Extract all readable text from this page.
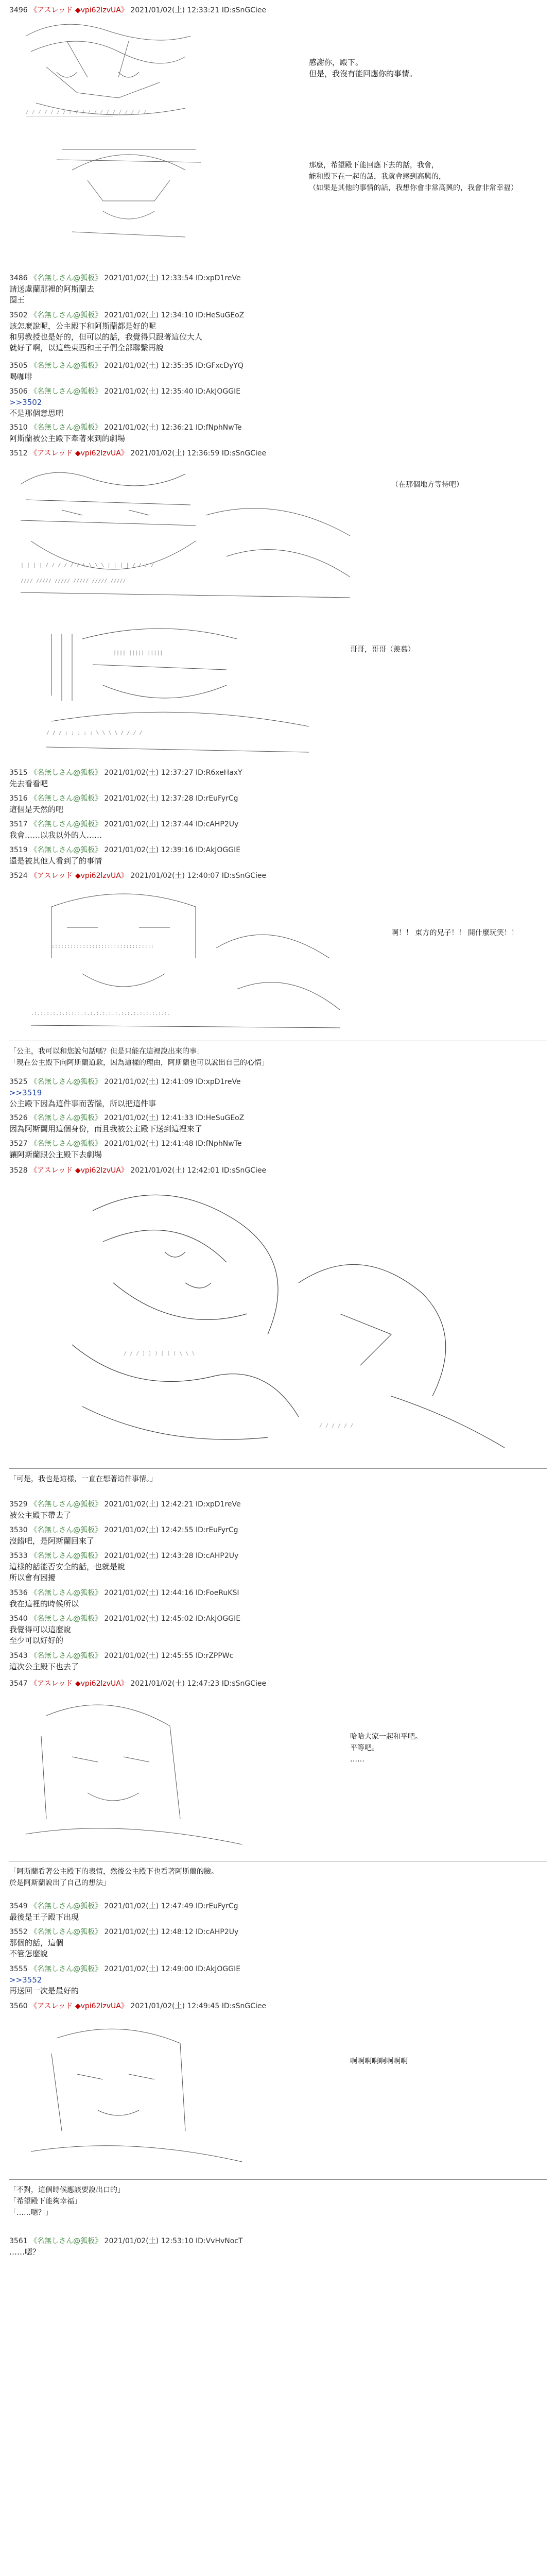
3496 《アスレッド ◆vpi62lzvUA》 2021/01/02(土) 12:33:21 ID:sSnGCiee
/ / / / / / / / / / / / / / / / / / / /
￣￣￣￣￣￣￣￣￣￣￣￣￣￣￣￣￣
感謝你，殿下。
但是，我沒有能回應你的事情。
那麼，希望殿下能回應下去的話，我會，
能和殿下在一起的話，我就會感到高興的，
（如果是其他的事情的話，我想你會非常高興的，我會非常幸福）
3486 《名無しさん@狐板》 2021/01/02(土) 12:33:54 ID:xpD1reVe
請送盧蘭那裡的阿斯蘭去
圈王
3502 《名無しさん@狐板》 2021/01/02(土) 12:34:10 ID:HeSuGEoZ
該怎麼說呢，公主殿下和阿斯蘭都是好的呢
和男教授也是好的，但可以的話，我覺得只跟著這位大人
就好了啊，以這些東西和王子們全部聯繫再說
3505 《名無しさん@狐板》 2021/01/02(土) 12:35:35 ID:GFxcDyYQ
喝咖啡
3506 《名無しさん@狐板》 2021/01/02(土) 12:35:40 ID:AkJOGGIE
>>3502
不是那個意思吧
3510 《名無しさん@狐板》 2021/01/02(土) 12:36:21 ID:fNphNwTe
阿斯蘭被公主殿下牽著來到的劇場
3512 《アスレッド ◆vpi62lzvUA》 2021/01/02(土) 12:36:59 ID:sSnGCiee
| | | | / / / / / / \ \ \ \ | | | | / / / /
//// ///// ///// ///// ///// /////
（在那個地方等待吧）
|||| ||||| |||||
/ / / ; ; ; ; ; \ \ \ \ / / / /
哥哥，哥哥（羨慕）
3515 《名無しさん@狐板》 2021/01/02(土) 12:37:27 ID:R6xeHaxY
先去看看吧
3516 《名無しさん@狐板》 2021/01/02(土) 12:37:28 ID:rEuFyrCg
這個是天然的吧
3517 《名無しさん@狐板》 2021/01/02(土) 12:37:44 ID:cAHP2Uy
我會……以我以外的人……
3519 《名無しさん@狐板》 2021/01/02(土) 12:39:16 ID:AkJOGGIE
還是被其他人看到了的事情
3524 《アスレッド ◆vpi62lzvUA》 2021/01/02(土) 12:40:07 ID:sSnGCiee
:::::::::::::::::::::::::::::::::
.:.:.:.:.:.:.:.:.:.:.:.:.:.:.:.:.:.:.:.:.:.:.
啊！！ 東方的兄子！！ 開什麼玩笑！！
「公主，我可以和您說句話嗎？但是只能在這裡說出來的事」
「現在公主殿下向阿斯蘭道歉，因為這樣的理由，阿斯蘭也可以說出自己的心情」
3525 《名無しさん@狐板》 2021/01/02(土) 12:41:09 ID:xpD1reVe
>>3519
公主殿下因為這件事而苦惱，所以把這件事
3526 《名無しさん@狐板》 2021/01/02(土) 12:41:33 ID:HeSuGEoZ
因為阿斯蘭用這個身份，而且我被公主殿下送到這裡來了
3527 《名無しさん@狐板》 2021/01/02(土) 12:41:48 ID:fNphNwTe
讓阿斯蘭跟公主殿下去劇場
3528 《アスレッド ◆vpi62lzvUA》 2021/01/02(土) 12:42:01 ID:sSnGCiee
/ / / ) ) ) ( ( ( \ \ \
/ / / / / /
「可是，我也是這樣，一直在想著這件事情。」
3529 《名無しさん@狐板》 2021/01/02(土) 12:42:21 ID:xpD1reVe
被公主殿下帶去了
3530 《名無しさん@狐板》 2021/01/02(土) 12:42:55 ID:rEuFyrCg
沒錯吧，是阿斯蘭回來了
3533 《名無しさん@狐板》 2021/01/02(土) 12:43:28 ID:cAHP2Uy
這樣的話能否安全的話，也就是說
所以會有困擾
3536 《名無しさん@狐板》 2021/01/02(土) 12:44:16 ID:FoeRuKSI
我在這裡的時候所以
3540 《名無しさん@狐板》 2021/01/02(土) 12:45:02 ID:AkJOGGIE
我覺得可以這麼說
至少可以好好的
3543 《名無しさん@狐板》 2021/01/02(土) 12:45:55 ID:rZPPWc
這次公主殿下也去了
3547 《アスレッド ◆vpi62lzvUA》 2021/01/02(土) 12:47:23 ID:sSnGCiee
哈哈大家一起和平吧。
平等吧。
……
「阿斯蘭看著公主殿下的表情，然後公主殿下也看著阿斯蘭的臉。
於是阿斯蘭說出了自己的想法」
3549 《名無しさん@狐板》 2021/01/02(土) 12:47:49 ID:rEuFyrCg
最後是王子殿下出現
3552 《名無しさん@狐板》 2021/01/02(土) 12:48:12 ID:cAHP2Uy
那個的話，這個
不管怎麼說
3555 《名無しさん@狐板》 2021/01/02(土) 12:49:00 ID:AkJOGGIE
>>3552
再送回一次是最好的
3560 《アスレッド ◆vpi62lzvUA》 2021/01/02(土) 12:49:45 ID:sSnGCiee
啊啊啊啊啊啊啊啊
「不對，這個時候應該要說出口的」
「希望殿下能夠幸福」
「……嗯？」
3561 《名無しさん@狐板》 2021/01/02(土) 12:53:10 ID:VvHvNocT
……嗯？
